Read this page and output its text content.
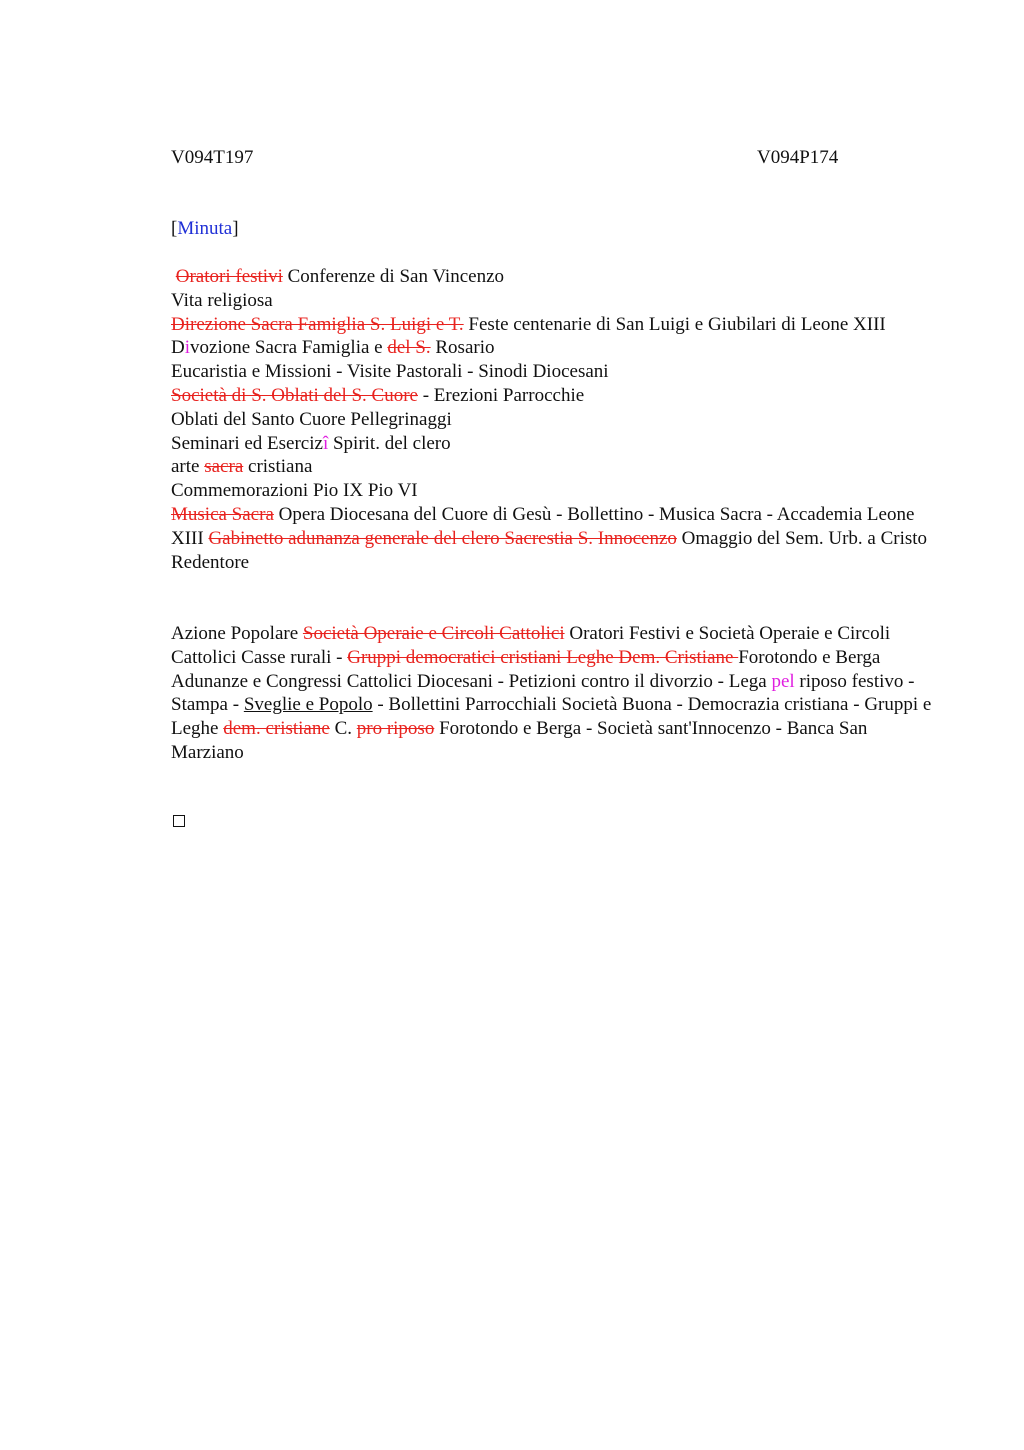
V094T197	V094P174
[Minuta]

Oratori festivi Conferenze di San Vincenzo

Vita religiosa

Direzione Sacra Famiglia S. Luigi e T. Feste centenarie di San Luigi e Giubilari di Leone XIII

Divozione Sacra Famiglia e del S. Rosario

Eucaristia e Missioni - Visite Pastorali - Sinodi Diocesani

Società di S. Oblati del S. Cuore - Erezioni Parrocchie

Oblati del Santo Cuore Pellegrinaggi

Seminari ed Esercizî Spirit. del clero

arte sacra cristiana

Commemorazioni Pio IX Pio VI

Musica Sacra Opera Diocesana del Cuore di Gesù - Bollettino - Musica Sacra - Accademia Leone XIII Gabinetto adunanza generale del clero Sacrestia S. Innocenzo Omaggio del Sem. Urb. a Cristo Redentore

Azione Popolare Società Operaie e Circoli Cattolici Oratori Festivi e Società Operaie e Circoli Cattolici Casse rurali - Gruppi democratici cristiani Leghe Dem. Cristiane Forotondo e Berga

Adunanze e Congressi Cattolici Diocesani - Petizioni contro il divorzio - Lega pel riposo festivo - Stampa - Sveglie e Popolo - Bollettini Parrocchiali Società Buona - Democrazia cristiana - Gruppi e Leghe dem. cristiane C. pro riposo Forotondo e Berga - Società sant'Innocenzo - Banca San Marziano
